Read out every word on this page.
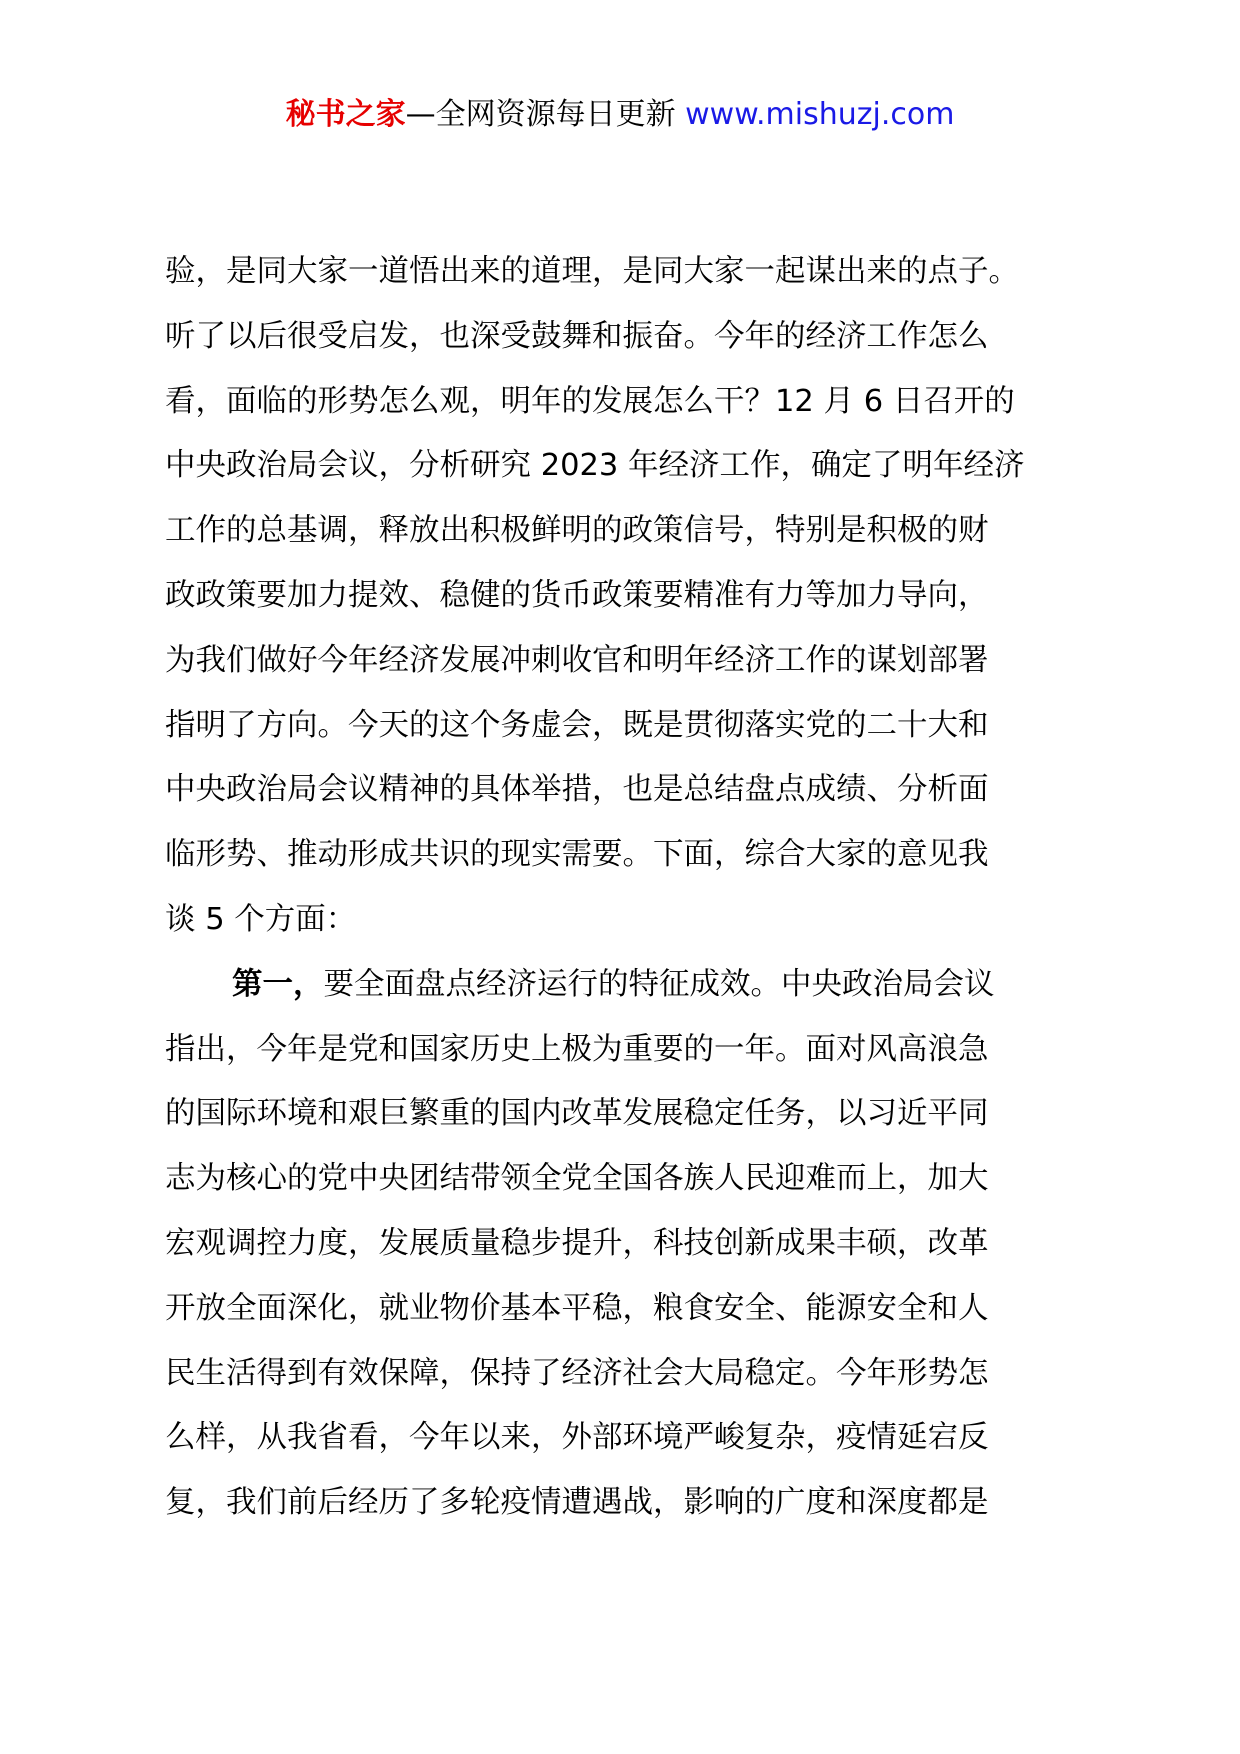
秘书之家—全网资源每日更新 www.mishuzj.com
验，是同大家一道悟出来的道理，是同大家一起谋出来的点子。
听了以后很受启发，也深受鼓舞和振奋。今年的经济工作怎么
看，面临的形势怎么观，明年的发展怎么干？12 月 6 日召开的
中央政治局会议，分析研究 2023 年经济工作，确定了明年经济
工作的总基调，释放出积极鲜明的政策信号，特别是积极的财
政政策要加力提效、稳健的货币政策要精准有力等加力导向，
为我们做好今年经济发展冲刺收官和明年经济工作的谋划部署
指明了方向。今天的这个务虚会，既是贯彻落实党的二十大和
中央政治局会议精神的具体举措，也是总结盘点成绩、分析面
临形势、推动形成共识的现实需要。下面，综合大家的意见我
谈 5 个方面：
第一，要全面盘点经济运行的特征成效。中央政治局会议
指出，今年是党和国家历史上极为重要的一年。面对风高浪急
的国际环境和艰巨繁重的国内改革发展稳定任务，以习近平同
志为核心的党中央团结带领全党全国各族人民迎难而上，加大
宏观调控力度，发展质量稳步提升，科技创新成果丰硕，改革
开放全面深化，就业物价基本平稳，粮食安全、能源安全和人
民生活得到有效保障，保持了经济社会大局稳定。今年形势怎
么样，从我省看，今年以来，外部环境严峻复杂，疫情延宕反
复，我们前后经历了多轮疫情遭遇战，影响的广度和深度都是
